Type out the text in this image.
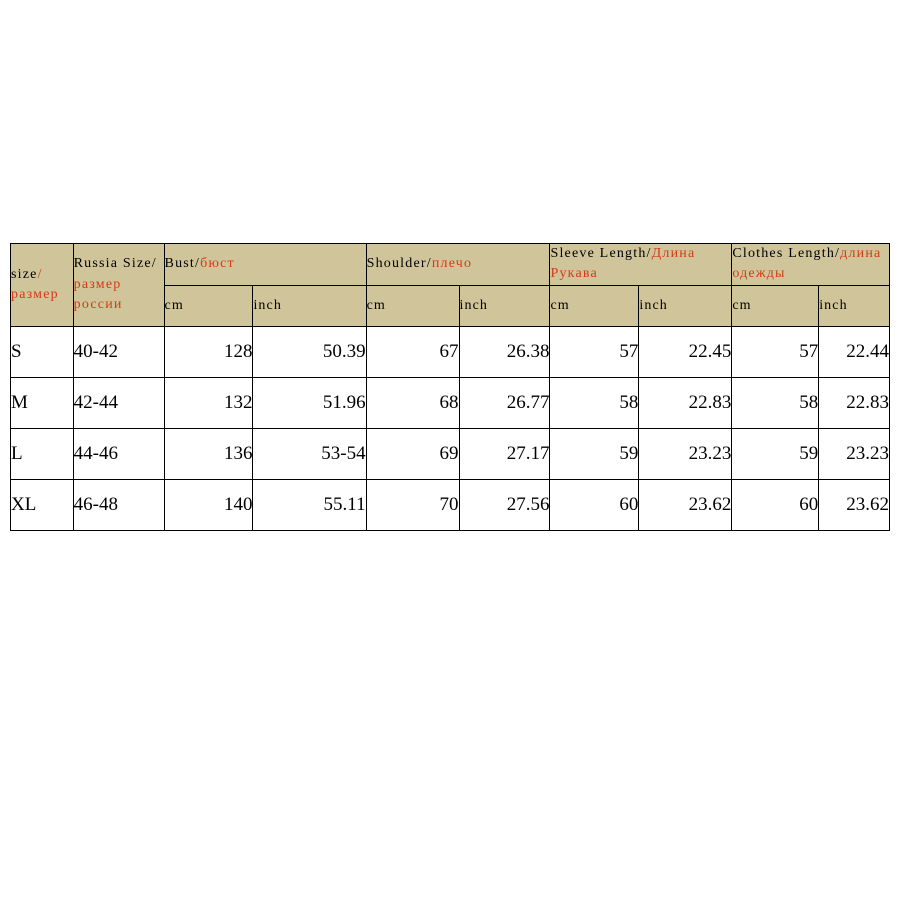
size/размер	Russia Size/размер россии	Bust/бюст		Shoulder/плечо		Sleeve Length/Длина Рукава		Clothes Length/длина одежды	
		cm	inch	cm	inch	cm	inch	cm	inch
S	40-42	128	50.39	67	26.38	57	22.45	57	22.44
M	42-44	132	51.96	68	26.77	58	22.83	58	22.83
L	44-46	136	53-54	69	27.17	59	23.23	59	23.23
XL	46-48	140	55.11	70	27.56	60	23.62	60	23.62
